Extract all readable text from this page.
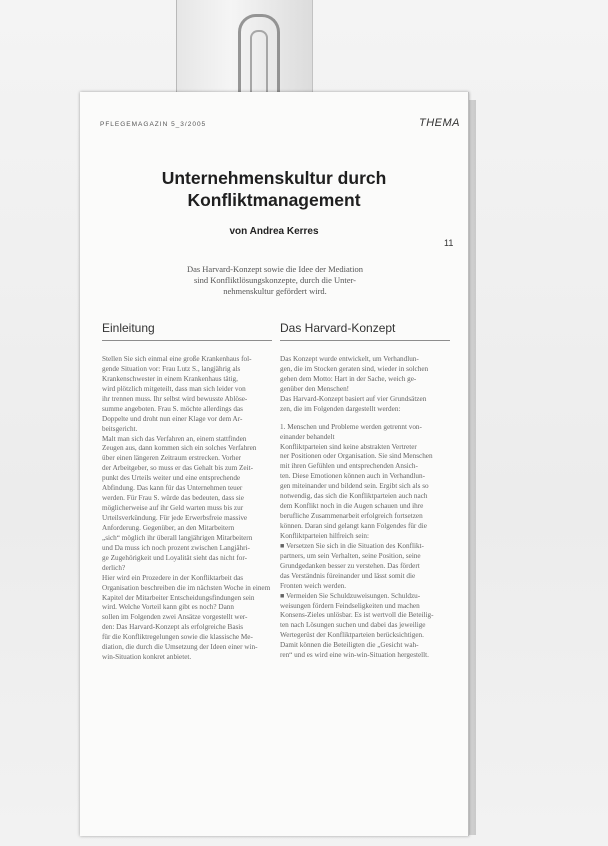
PFLEGEMAGAZIN 5_3/2005	THEMA
Unternehmenskultur durch
Konfliktmanagement
von Andrea Kerres
11
Das Harvard-Konzept sowie die Idee der Mediation
sind Konfliktlösungskonzepte, durch die Unter-
nehmenskultur gefördert wird.
Einleitung
Stellen Sie sich einmal eine große Krankenhaus fol-
gende Situation vor: Frau Lutz S., langjährig als
Krankenschwester in einem Krankenhaus tätig,
wird plötzlich mitgeteilt, dass man sich leider von
ihr trennen muss. Ihr selbst wird bewusste Ablöse-
summe angeboten. Frau S. möchte allerdings das
Doppelte und droht nun einer Klage vor dem Ar-
beitsgericht.
Malt man sich das Verfahren an, einem stattfinden
Zeugen aus, dann kommen sich ein solches Verfahren
über einen längeren Zeitraum erstrecken. Vorher
der Arbeitgeber, so muss er das Gehalt bis zum Zeit-
punkt des Urteils weiter und eine entsprechende
Abfindung. Das kann für das Unternehmen teuer
werden. Für Frau S. würde das bedeuten, dass sie
möglicherweise auf ihr Geld warten muss bis zur
Urteilsverkündung. Für jede Erwerbsfreie massive
Anforderung. Gegenüber, an den Mitarbeitern
„sich“ möglich ihr überall langjährigen Mitarbeitern
und Da muss ich noch prozent zwischen Langjähri-
ge Zugehörigkeit und Loyalität sieht das nicht for-
derlich?
Hier wird ein Prozedere in der Konfliktarbeit das
Organisation beschreiben die im nächsten Woche in einem
Kapitel der Mitarbeiter Entscheidungsfindungen sein
wird. Welche Vorteil kann gibt es noch? Dann
sollen im Folgenden zwei Ansätze vorgestellt wer-
den: Das Harvard-Konzept als erfolgreiche Basis
für die Konfliktregelungen sowie die klassische Me-
diation, die durch die Umsetzung der Ideen einer win-
win-Situation konkret anbietet.
Das Harvard-Konzept
Das Konzept wurde entwickelt, um Verhandlun-
gen, die im Stocken geraten sind, wieder in solchen
gehen dem Motto: Hart in der Sache, weich ge-
genüber den Menschen!
Das Harvard-Konzept basiert auf vier Grundsätzen
zen, die im Folgenden dargestellt werden:
1. Menschen und Probleme werden getrennt von-
einander behandelt
Konfliktparteien sind keine abstrakten Vertreter
ner Positionen oder Organisation. Sie sind Menschen
mit ihren Gefühlen und entsprechenden Ansich-
ten. Diese Emotionen können auch in Verhandlun-
gen miteinander und bildend sein. Ergibt sich als so
notwendig, das sich die Konfliktparteien auch nach
dem Konflikt noch in die Augen schauen und ihre
berufliche Zusammenarbeit erfolgreich fortsetzen
können. Daran sind gelangt kann Folgendes für die
Konfliktparteien hilfreich sein:
■ Versetzen Sie sich in die Situation des Konflikt-
partners, um sein Verhalten, seine Position, seine
Grundgedanken besser zu verstehen. Das fördert
das Verständnis füreinander und lässt somit die
Fronten weich werden.
■ Vermeiden Sie Schuldzuweisungen. Schuldzu-
weisungen fördern Feindseligkeiten und machen
Konsens-Zieles unlösbar. Es ist wertvoll die Beteilig-
ten nach Lösungen suchen und dabei das jeweilige
Wertegerüst der Konfliktparteien berücksichtigen.
Damit können die Beteiligten die „Gesicht wah-
ren“ und es wird eine win-win-Situation hergestellt.
